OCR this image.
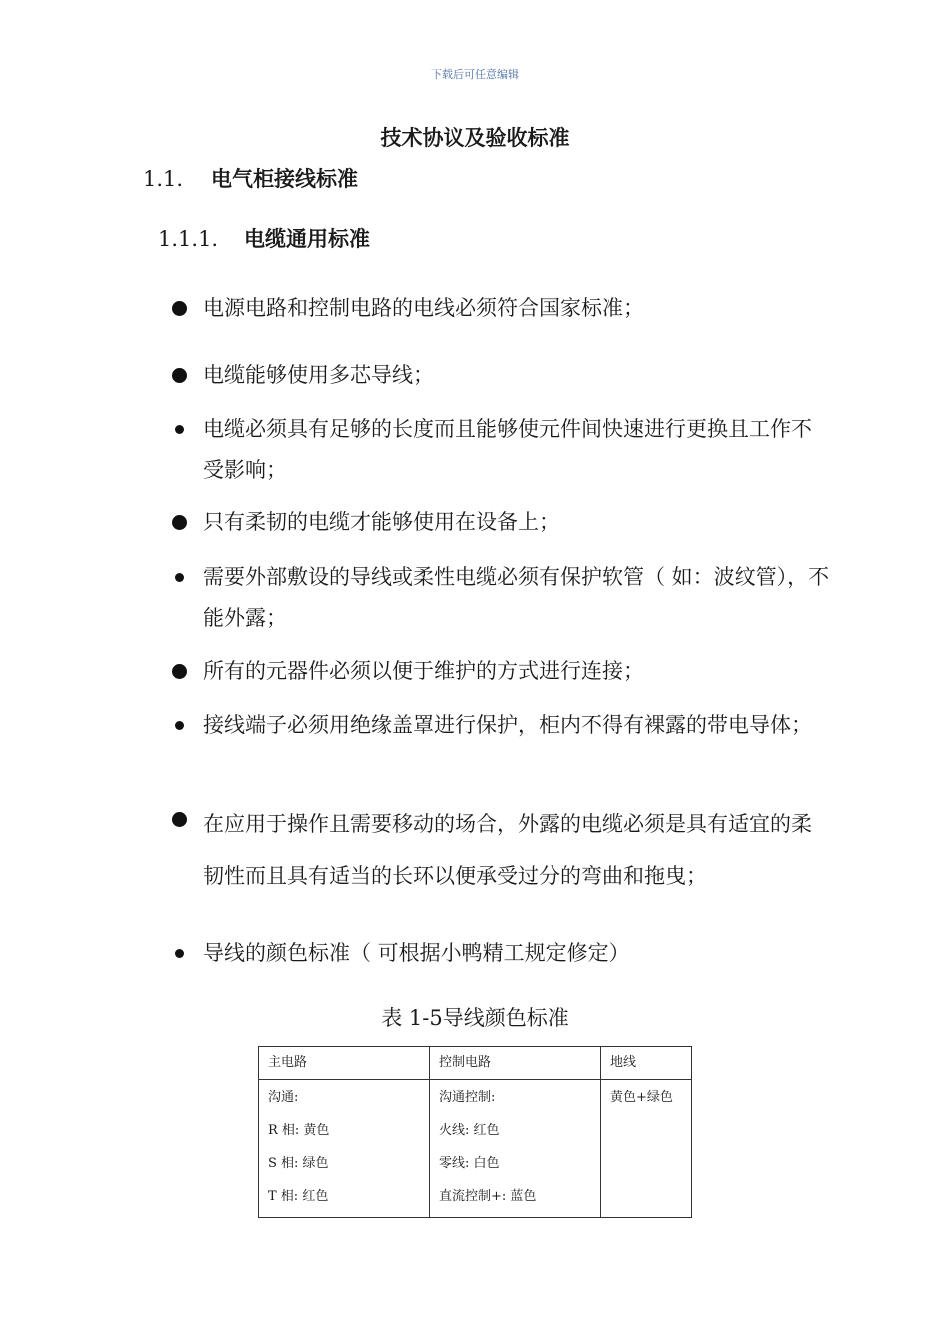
下载后可任意编辑
技术协议及验收标准
1.1. 电气柜接线标准
1.1.1. 电缆通用标准
电源电路和控制电路的电线必须符合国家标准；
电缆能够使用多芯导线；
电缆必须具有足够的长度而且能够使元件间快速进行更换且工作不受影响；
只有柔韧的电缆才能够使用在设备上；
需要外部敷设的导线或柔性电缆必须有保护软管（ 如：波纹管），不能外露；
所有的元器件必须以便于维护的方式进行连接；
接线端子必须用绝缘盖罩进行保护，柜内不得有裸露的带电导体；
在应用于操作且需要移动的场合，外露的电缆必须是具有适宜的柔韧性而且具有适当的长环以便承受过分的弯曲和拖曳；
导线的颜色标准（ 可根据小鸭精工规定修定）
表 1-5导线颜色标准
主电路	控制电路	地线

沟通:
R 相: 黄色
S 相: 绿色
T 相: 红色	沟通控制:
火线: 红色
零线: 白色
直流控制+: 蓝色	黄色+绿色
